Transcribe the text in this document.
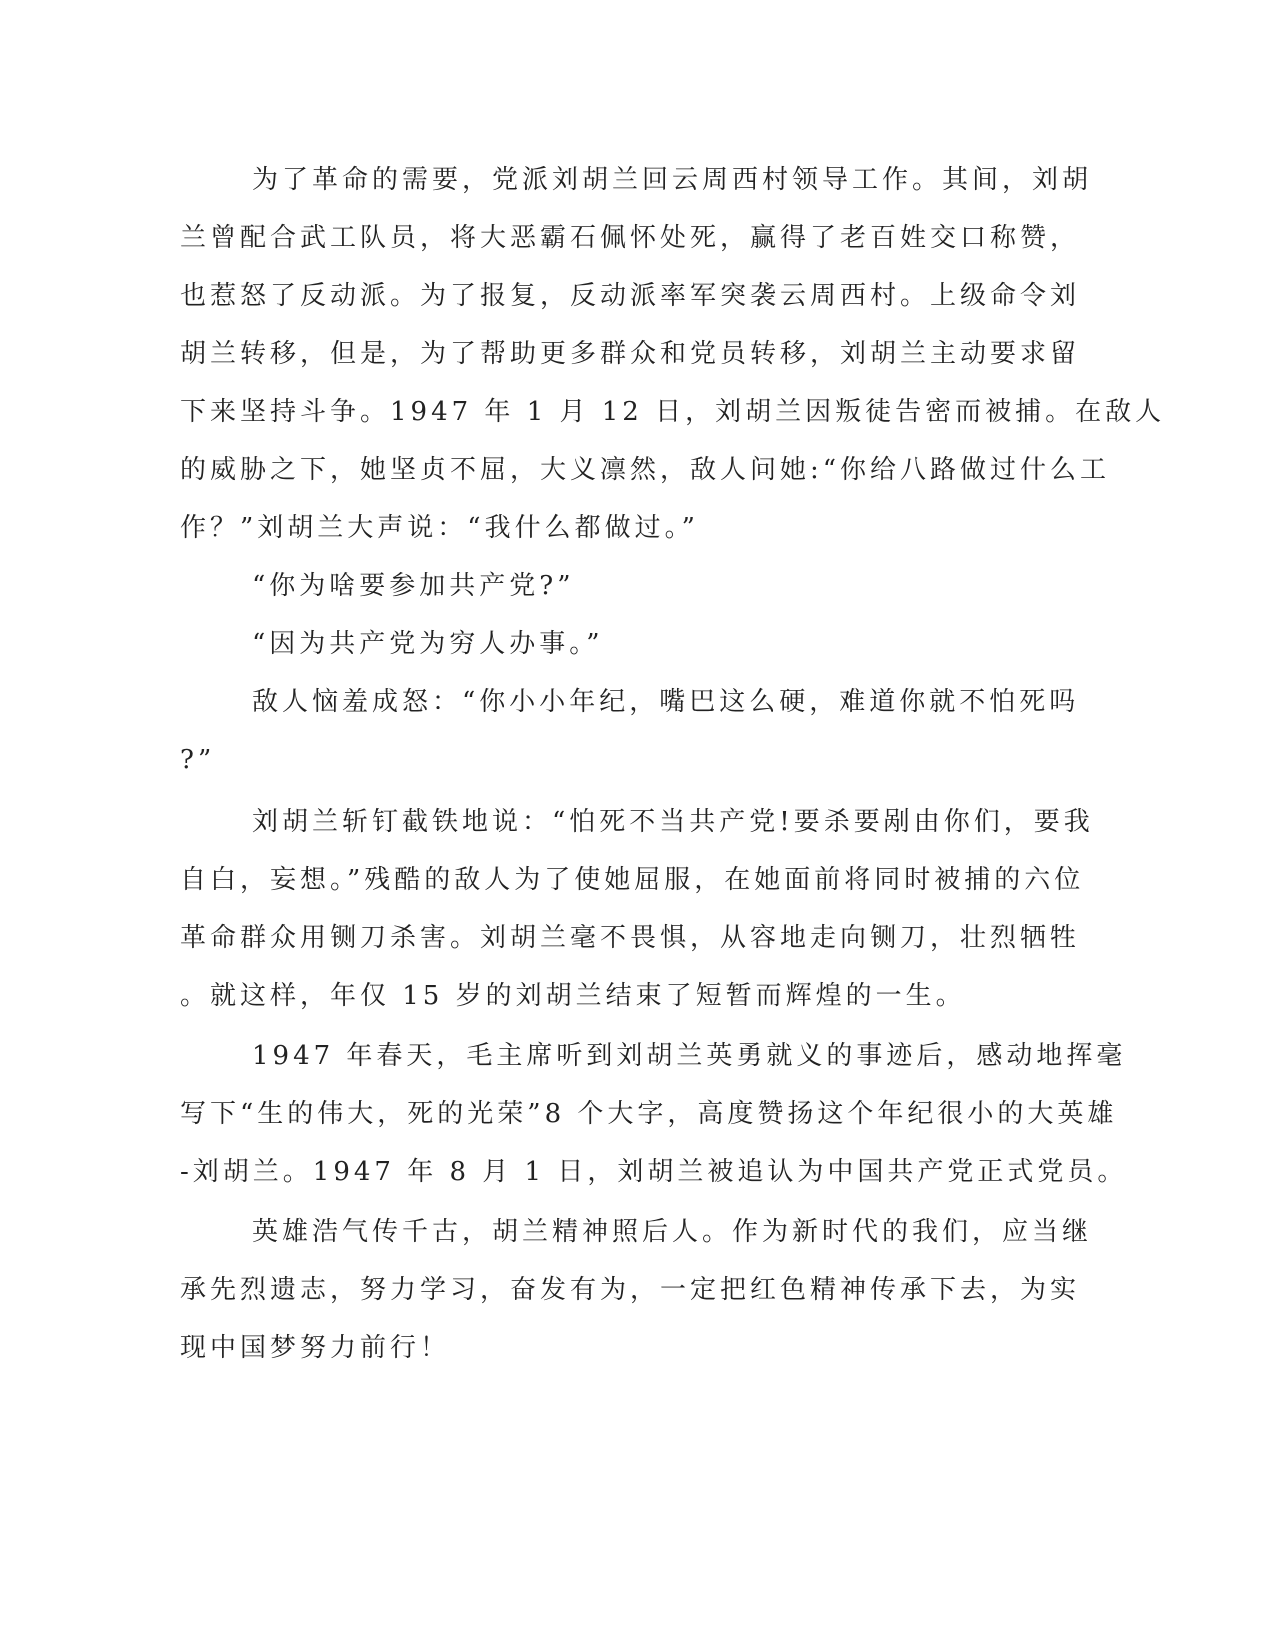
为了革命的需要，党派刘胡兰回云周西村领导工作。其间，刘胡
兰曾配合武工队员，将大恶霸石佩怀处死，赢得了老百姓交口称赞，
也惹怒了反动派。为了报复，反动派率军突袭云周西村。上级命令刘
胡兰转移，但是，为了帮助更多群众和党员转移，刘胡兰主动要求留
下来坚持斗争。1947 年 1 月 12 日，刘胡兰因叛徒告密而被捕。在敌人
的威胁之下，她坚贞不屈，大义凛然，敌人问她:“你给八路做过什么工
作？”刘胡兰大声说：“我什么都做过。”
“你为啥要参加共产党?”
“因为共产党为穷人办事。”
敌人恼羞成怒：“你小小年纪，嘴巴这么硬，难道你就不怕死吗
?”
刘胡兰斩钉截铁地说：“怕死不当共产党!要杀要剐由你们，要我
自白，妄想。”残酷的敌人为了使她屈服，在她面前将同时被捕的六位
革命群众用铡刀杀害。刘胡兰毫不畏惧，从容地走向铡刀，壮烈牺牲
。就这样，年仅 15 岁的刘胡兰结束了短暂而辉煌的一生。
1947 年春天，毛主席听到刘胡兰英勇就义的事迹后，感动地挥毫
写下“生的伟大，死的光荣”8 个大字，高度赞扬这个年纪很小的大英雄
-刘胡兰。1947 年 8 月 1 日，刘胡兰被追认为中国共产党正式党员。
英雄浩气传千古，胡兰精神照后人。作为新时代的我们，应当继
承先烈遗志，努力学习，奋发有为，一定把红色精神传承下去，为实
现中国梦努力前行！
